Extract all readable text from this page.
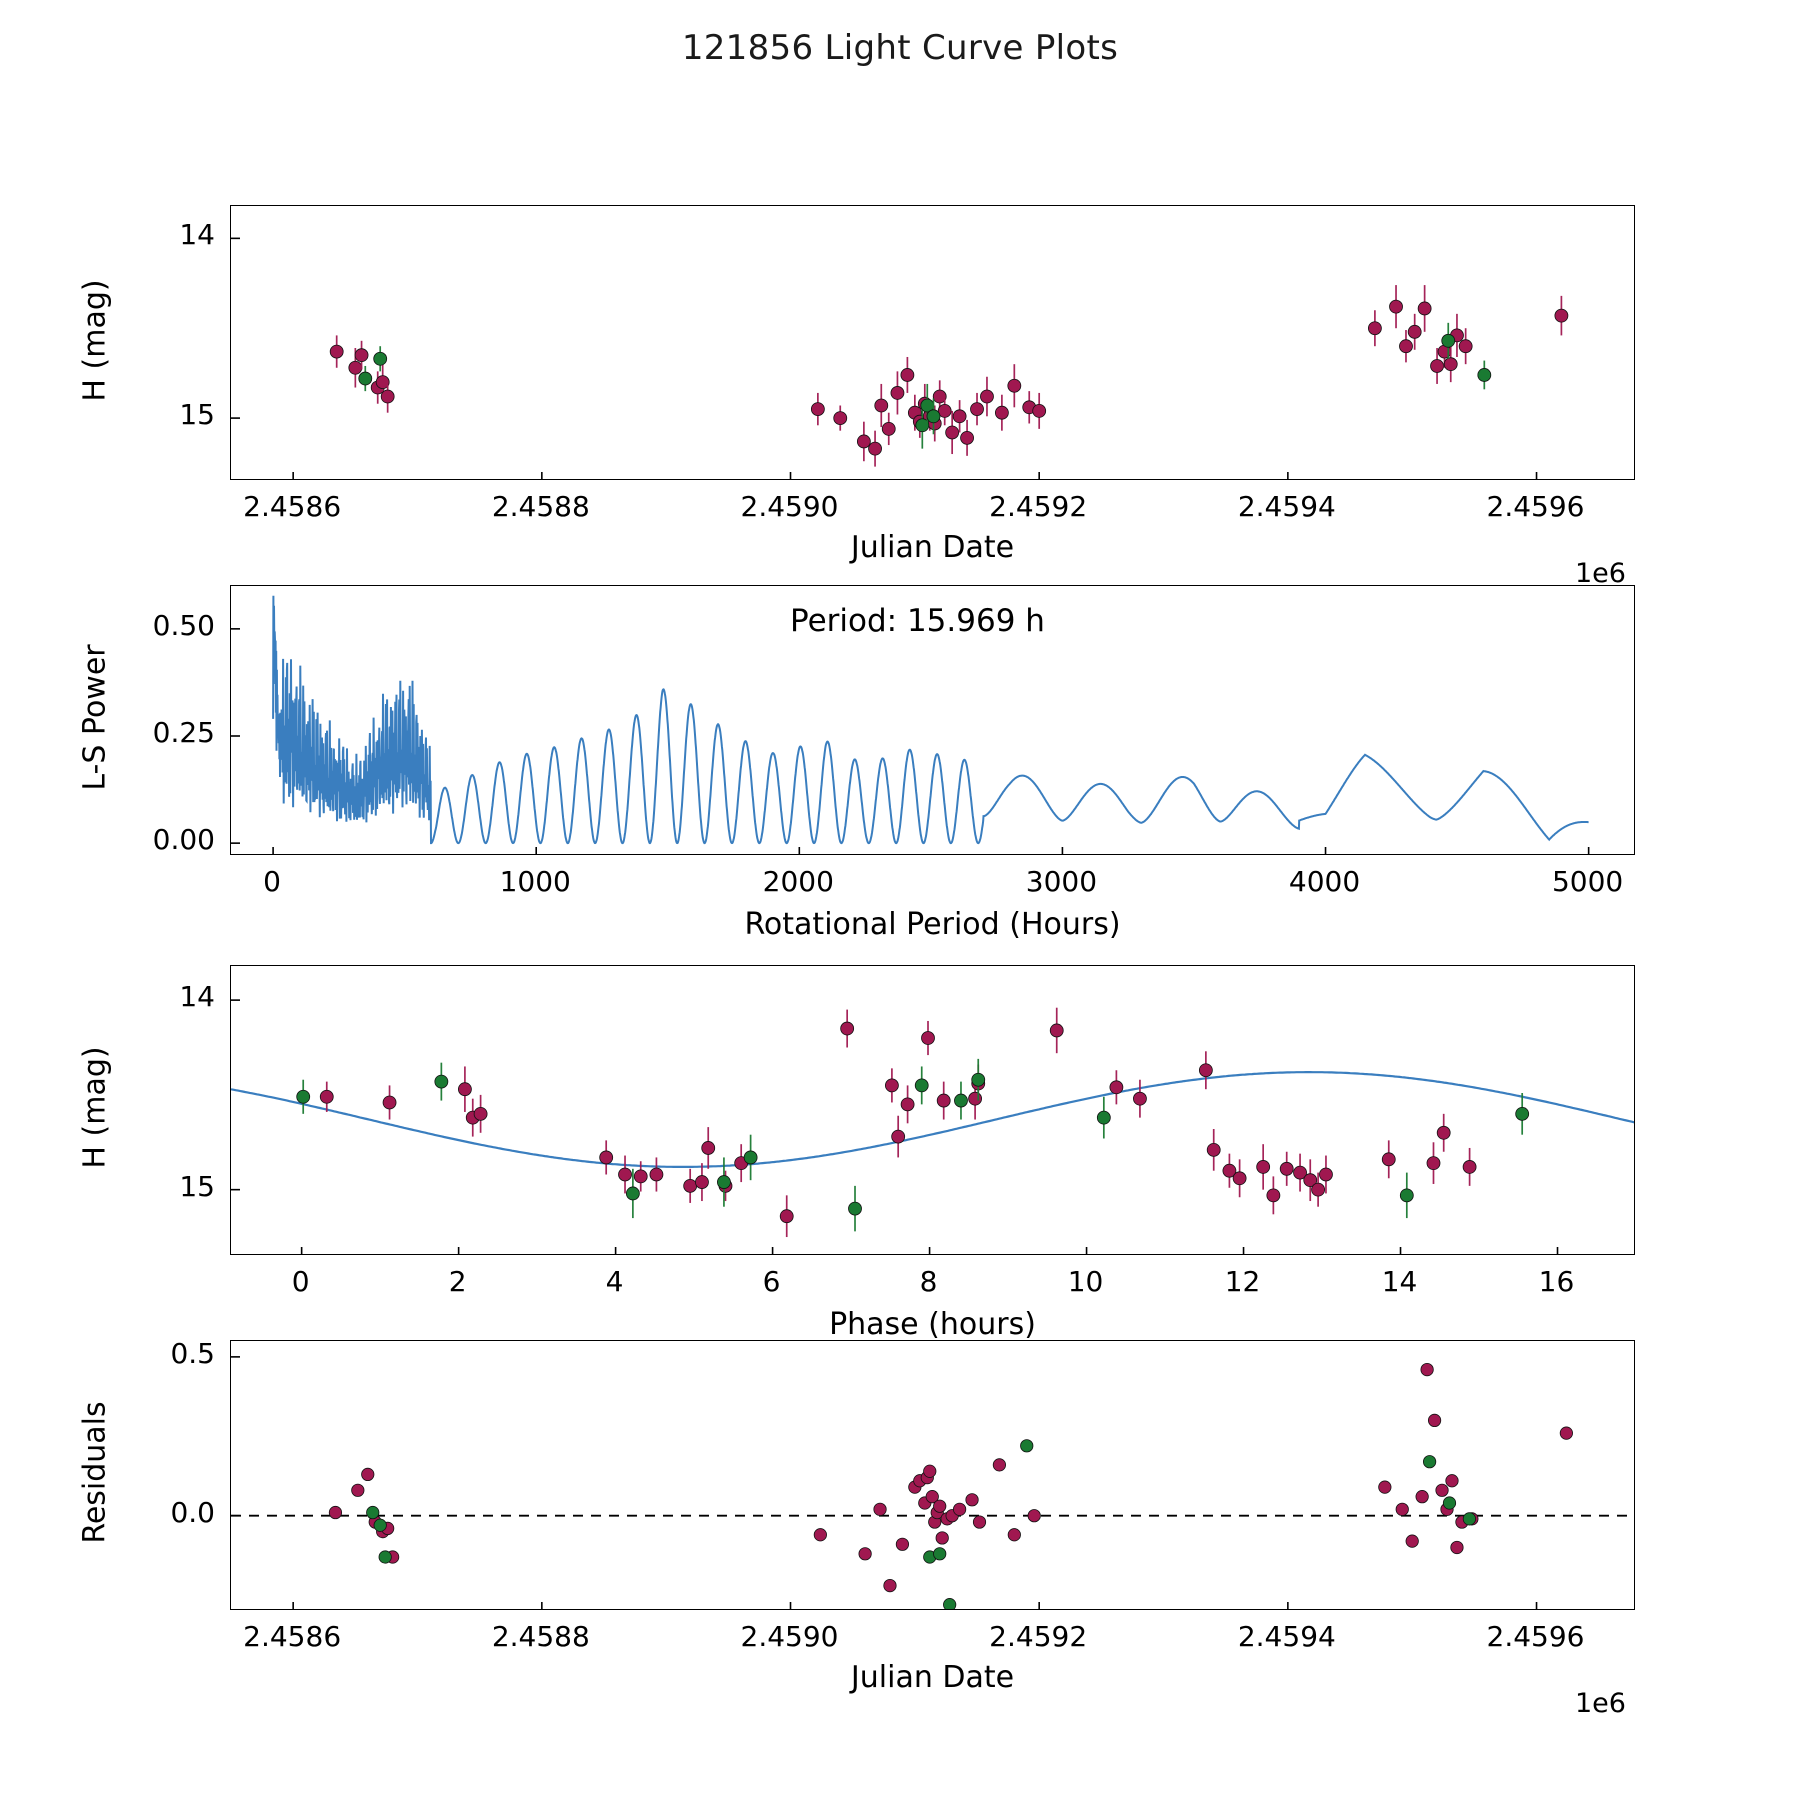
121856 Light Curve Plots
2.4586	2.4588	2.4590	2.4592	2.4594	2.4596
14
15
Julian Date
1e6
H (mag)
0	1000	2000	3000	4000	5000
0.00
0.25
0.50
Rotational Period (Hours)
L-S Power
Period: 15.969 h
0	2	4	6	8	10	12	14	16
14
15
Phase (hours)
H (mag)
2.4586	2.4588	2.4590	2.4592	2.4594	2.4596
0.0
0.5
Julian Date
1e6
Residuals
